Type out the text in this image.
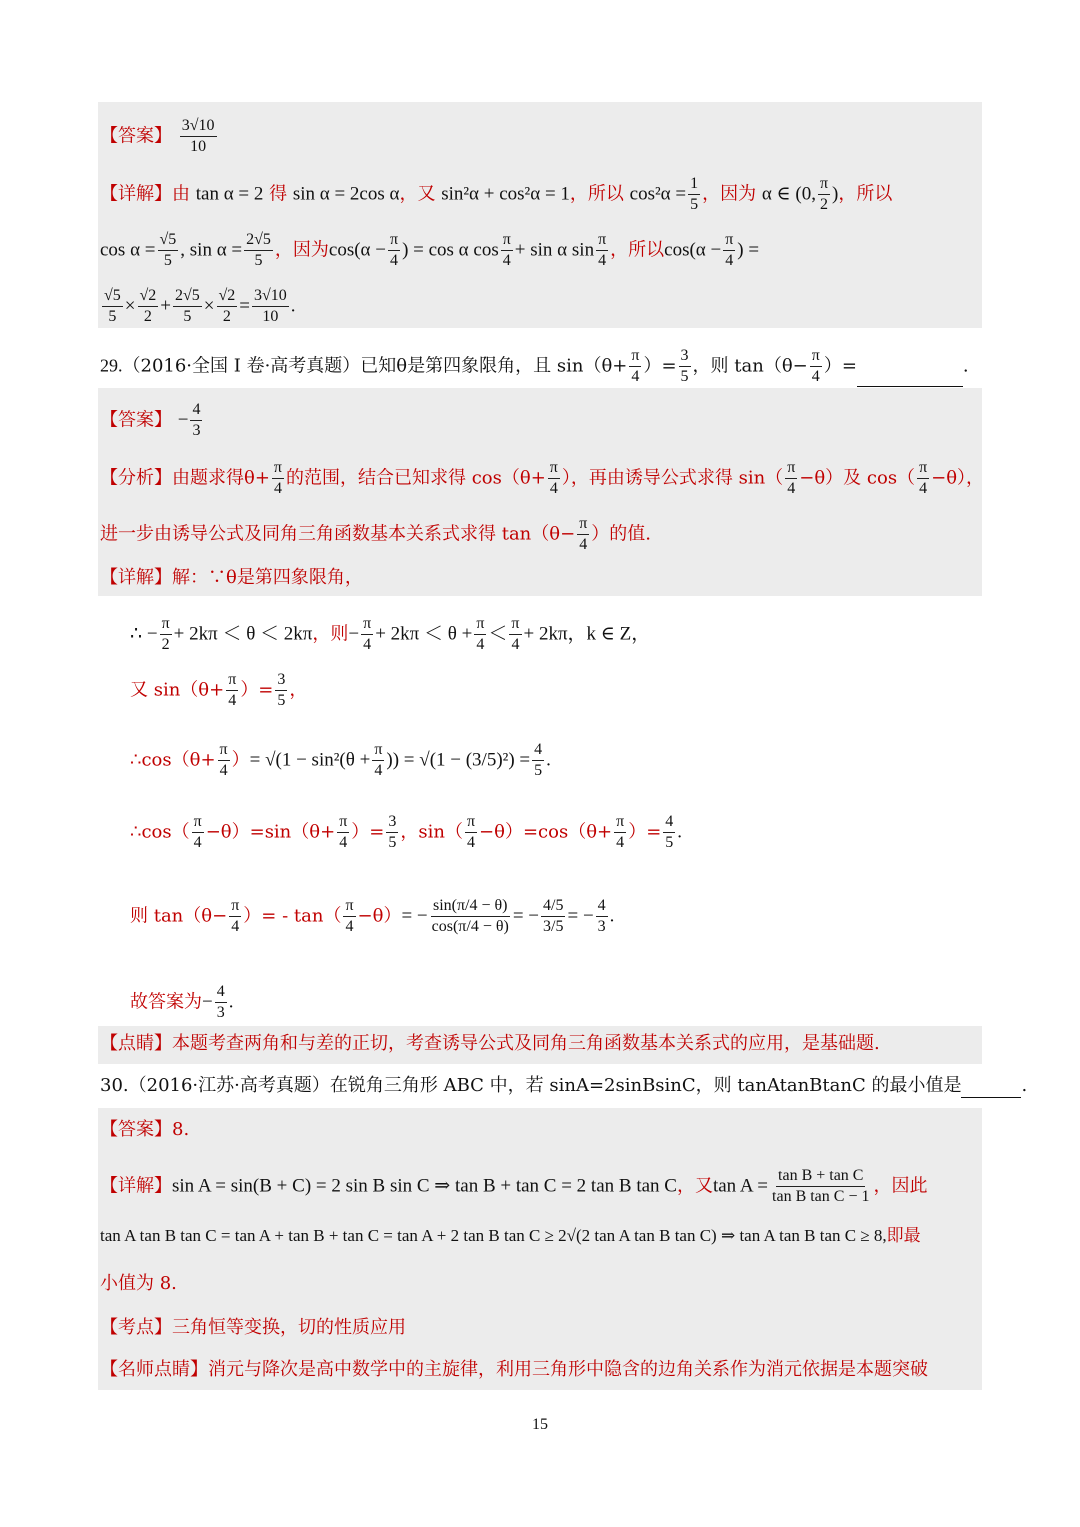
【答案】 $\frac{3√10}{10}$
【详解】由 tan α = 2 得 sin α = 2cos α，又 sin²α + cos²α = 1，所以 $\cos^2\alpha = \frac{1}{5}$ ，因为 α ∈ (0, $\frac{\pi}{2}$ )，所以
$\cos \alpha = \frac{√5}{5}$ , $\sin \alpha = \frac{2√5}{5}$ ，因为$\cos(\alpha - \frac{\pi}{4}$ ) = cos α $\cos \frac{\pi}{4} + \sin \alpha$ $\sin \frac{\pi}{4}$ ，所以$\cos(\alpha - \frac{\pi}{4}$ ) =
$\frac{√5}{5} \times \frac{√2}{2} + \frac{2√5}{5} \times \frac{√2}{2} = \frac{3√10}{10}$ .
29.（2016·全国 I 卷·高考真题）已知θ是第四象限角，且 $\sin(\theta+ \frac{\pi}{4}$ ）= $\frac{3}{5}$ ，则 $\tan(\theta- \frac{\pi}{4}$ ）=	.
【答案】 − $\frac{4}{3}$
【分析】由题求得$\theta+ \frac{\pi}{4}$ 的范围，结合已知求得 $\cos(\theta+ \frac{\pi}{4}$ ），再由诱导公式求得 $\sin( \frac{\pi}{4} -\theta)$及 $\cos( \frac{\pi}{4} -\theta)$，
进一步由诱导公式及同角三角函数基本关系式求得 $\tan(\theta- \frac{\pi}{4}$ ）的值.
【详解】解：∵θ是第四象限角，
∴ − $\frac{\pi}{2} + 2k\pi < \theta < 2k\pi$，则− $\frac{\pi}{4} + 2k\pi < \theta + \frac{\pi}{4} < \frac{\pi}{4} + 2k\pi$，k ∈ Z，
又 $\sin(\theta+ \frac{\pi}{4}$ ）= $\frac{3}{5}$ ，
∴cos（θ+ $\frac{\pi}{4}$ ）= $√(1 - \sin^2(\theta + \frac{\pi}{4}$ )) = $√(1 - (3/5)^2) = \frac{4}{5}$ .
∴cos（ $\frac{\pi}{4} -\theta)=\sin(\theta+ \frac{\pi}{4}$ ）= $\frac{3}{5}$ ，$\sin( \frac{\pi}{4} -\theta)=\cos(\theta+ \frac{\pi}{4}$ ）= $\frac{4}{5}$ .
则 $\tan(\theta- \frac{\pi}{4}$ ）= - $\tan( \frac{\pi}{4} -\theta)= - \frac{\sin(\pi/4 - \theta)}{\cos(\pi/4 - \theta)}$ = − $\frac{4/5}{3/5}$ = − $\frac{4}{3}$ .
故答案为− $\frac{4}{3}$ .
【点睛】本题考查两角和与差的正切，考查诱导公式及同角三角函数基本关系式的应用，是基础题.
30.（2016·江苏·高考真题）在锐角三角形 ABC 中，若 sinA=2sinBsinC，则 tanAtanBtanC 的最小值是	.
【答案】8.
【详解】sin A = sin(B + C) = 2 sin B sin C ⇒ tan B + tan C = 2 tan B tan C，又$\tan A = \frac{\text{tan B + tan C}}{\text{tan B tan C − 1}}$ ，因此
tan A tan B tan C = tan A + tan B + tan C = tan A + 2 tan B tan C ≥ 2√(2 tan A tan B tan C) ⇒ tan A tan B tan C ≥ 8,即最
小值为 8.
【考点】三角恒等变换，切的性质应用
【名师点睛】消元与降次是高中数学中的主旋律，利用三角形中隐含的边角关系作为消元依据是本题突破
15
